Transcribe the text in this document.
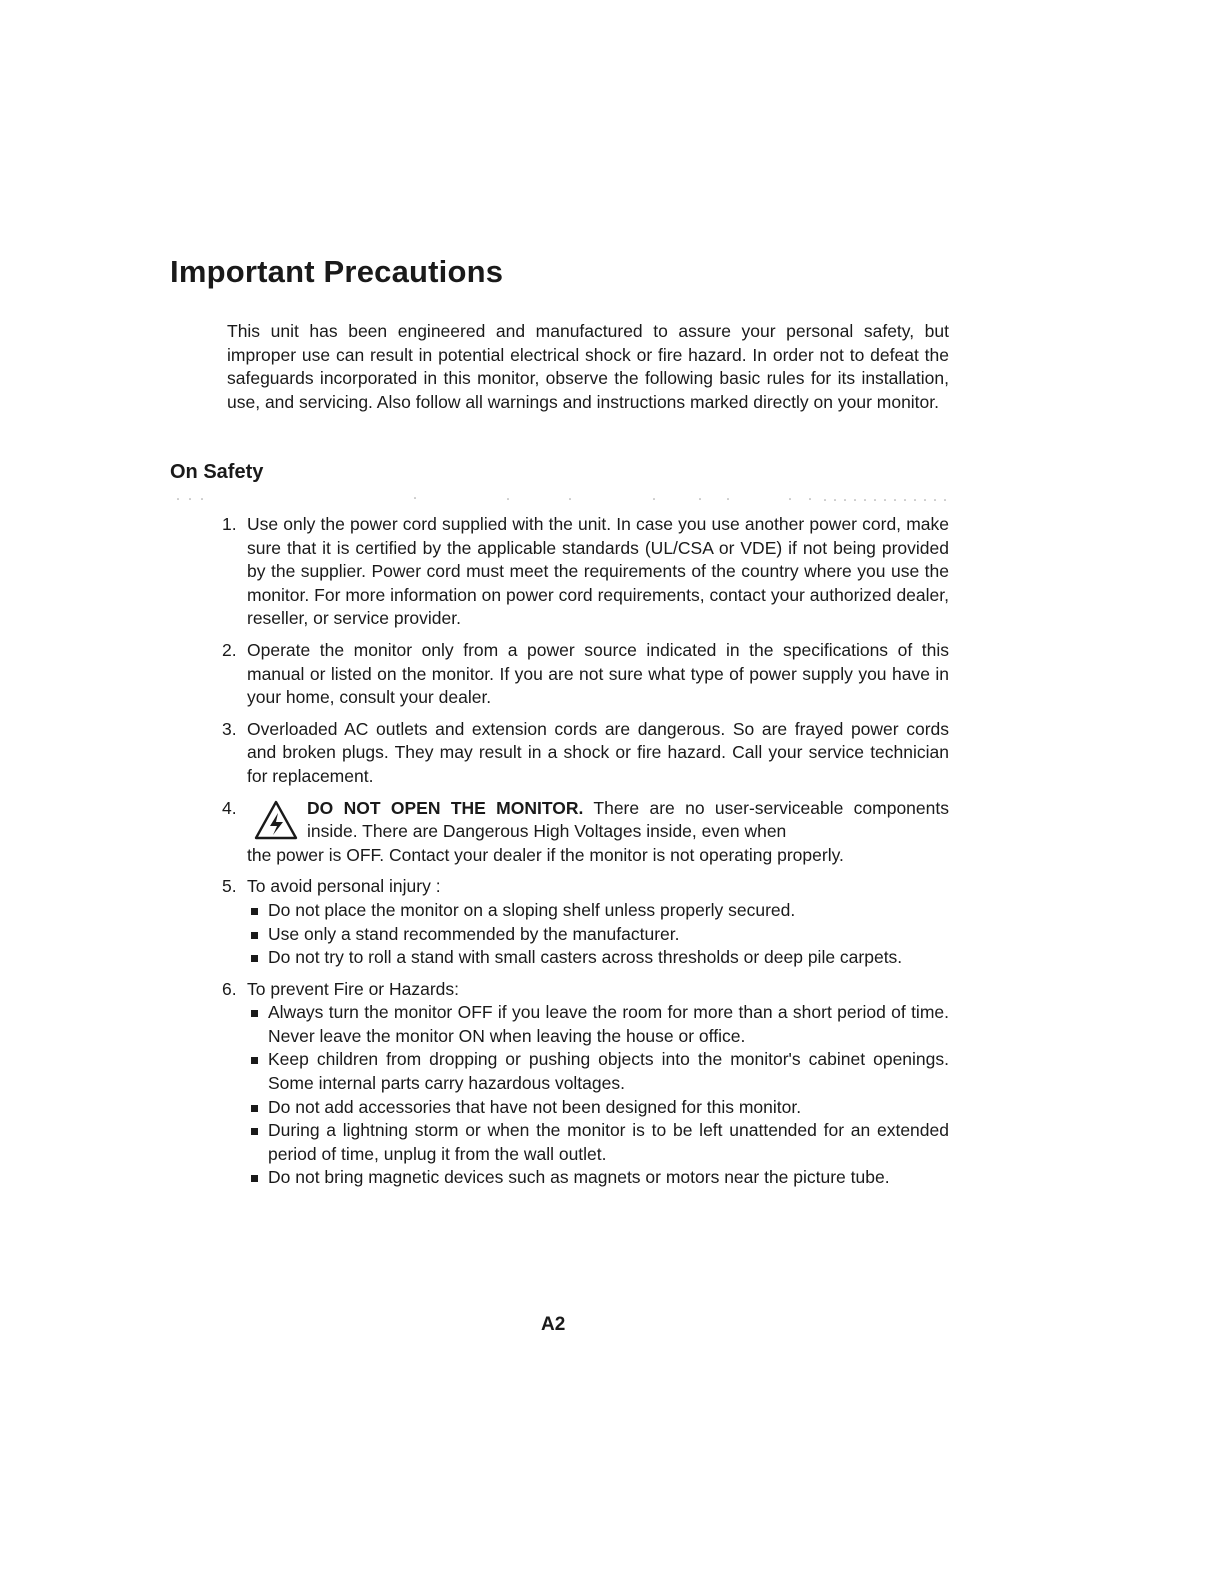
Important Precautions

This unit has been engineered and manufactured to assure your personal safety, but improper use can result in potential electrical shock or fire hazard. In order not to defeat the safeguards incorporated in this monitor, observe the following basic rules for its installation, use, and servicing. Also follow all warnings and instructions marked directly on your monitor.

On Safety
1. Use only the power cord supplied with the unit. In case you use another power cord, make sure that it is certified by the applicable standards (UL/CSA or VDE) if not being provided by the supplier. Power cord must meet the requirements of the country where you use the monitor. For more information on power cord requirements, contact your authorized dealer, reseller, or service provider.
2. Operate the monitor only from a power source indicated in the specifications of this manual or listed on the monitor. If you are not sure what type of power supply you have in your home, consult your dealer.
3. Overloaded AC outlets and extension cords are dangerous. So are frayed power cords and broken plugs. They may result in a shock or fire hazard. Call your service technician for replacement.
4.	DO NOT OPEN THE MONITOR. There are no user-serviceable components inside. There are Dangerous High Voltages inside, even when
the power is OFF. Contact your dealer if the monitor is not operating properly.
5. To avoid personal injury :
Do not place the monitor on a sloping shelf unless properly secured.
Use only a stand recommended by the manufacturer.
Do not try to roll a stand with small casters across thresholds or deep pile carpets.
6. To prevent Fire or Hazards:
Always turn the monitor OFF if you leave the room for more than a short period of time. Never leave the monitor ON when leaving the house or office.
Keep children from dropping or pushing objects into the monitor's cabinet openings. Some internal parts carry hazardous voltages.
Do not add accessories that have not been designed for this monitor.
During a lightning storm or when the monitor is to be left unattended for an extended period of time, unplug it from the wall outlet.
Do not bring magnetic devices such as magnets or motors near the picture tube.

A2
